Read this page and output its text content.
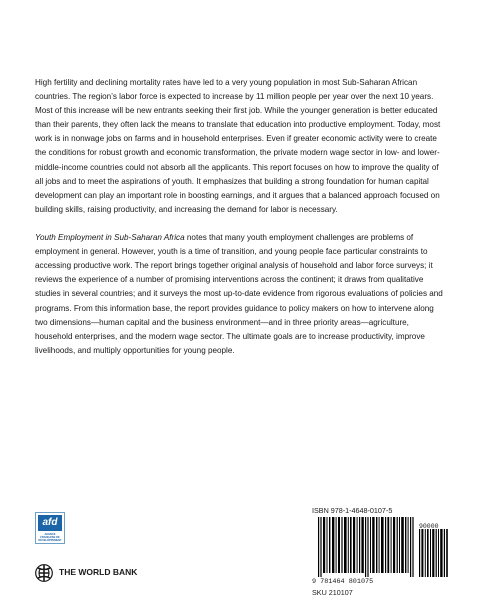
High fertility and declining mortality rates have led to a very young population in most Sub-Saharan African countries. The region’s labor force is expected to increase by 11 million people per year over the next 10 years. Most of this increase will be new entrants seeking their first job. While the younger generation is better educated than their parents, they often lack the means to translate that education into productive employment. Today, most work is in nonwage jobs on farms and in household enterprises. Even if greater economic activity were to create the conditions for robust growth and economic transformation, the private modern wage sector in low- and lower-middle-income countries could not absorb all the applicants. This report focuses on how to improve the quality of all jobs and to meet the aspirations of youth. It emphasizes that building a strong foundation for human capital development can play an important role in boosting earnings, and it argues that a balanced approach focused on building skills, raising productivity, and increasing the demand for labor is necessary.

Youth Employment in Sub-Saharan Africa notes that many youth employment challenges are problems of employment in general. However, youth is a time of transition, and young people face particular constraints to accessing productive work. The report brings together original analysis of household and labor force surveys; it reviews the experience of a number of promising interventions across the continent; it draws from qualitative studies in several countries; and it surveys the most up-to-date evidence from rigorous evaluations of policies and programs. From this information base, the report provides guidance to policy makers on how to intervene along two dimensions—human capital and the business environment—and in three priority areas—agriculture, household enterprises, and the modern wage sector. The ultimate goals are to increase productivity, improve livelihoods, and multiply opportunities for young people.

afd
AGENCE FRANÇAISE DE DÉVELOPPEMENT
THE WORLD BANK
ISBN 978-1-4648-0107-5
90000
9 781464 801075
SKU 210107
